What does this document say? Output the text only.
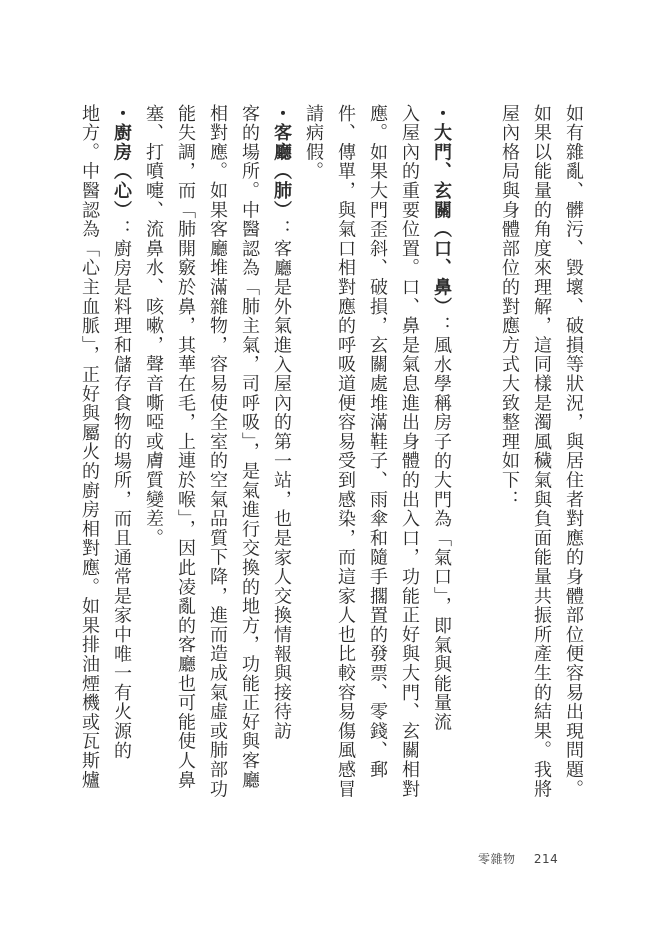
如有雜亂、髒污、毀壞、破損等狀況，與居住者對應的身體部位便容易出現問題。
如果以能量的角度來理解，這同樣是濁風穢氣與負面能量共振所產生的結果。我將
屋內格局與身體部位的對應方式大致整理如下：
・大門、玄關（口、鼻）：風水學稱房子的大門為「氣口」，即氣與能量流
入屋內的重要位置。口、鼻是氣息進出身體的出入口，功能正好與大門、玄關相對
應。如果大門歪斜、破損，玄關處堆滿鞋子、雨傘和隨手擱置的發票、零錢、郵
件、傳單，與氣口相對應的呼吸道便容易受到感染，而這家人也比較容易傷風感冒
請病假。
・客廳（肺）：客廳是外氣進入屋內的第一站，也是家人交換情報與接待訪
客的場所。中醫認為「肺主氣，司呼吸」，是氣進行交換的地方，功能正好與客廳
相對應。如果客廳堆滿雜物，容易使全室的空氣品質下降，進而造成氣虛或肺部功
能失調，而「肺開竅於鼻，其華在毛，上連於喉」，因此凌亂的客廳也可能使人鼻
塞、打噴嚏、流鼻水、咳嗽，聲音嘶啞或膚質變差。
・廚房（心）：廚房是料理和儲存食物的場所，而且通常是家中唯一有火源的
地方。中醫認為「心主血脈」，正好與屬火的廚房相對應。如果排油煙機或瓦斯爐
零雜物 214
